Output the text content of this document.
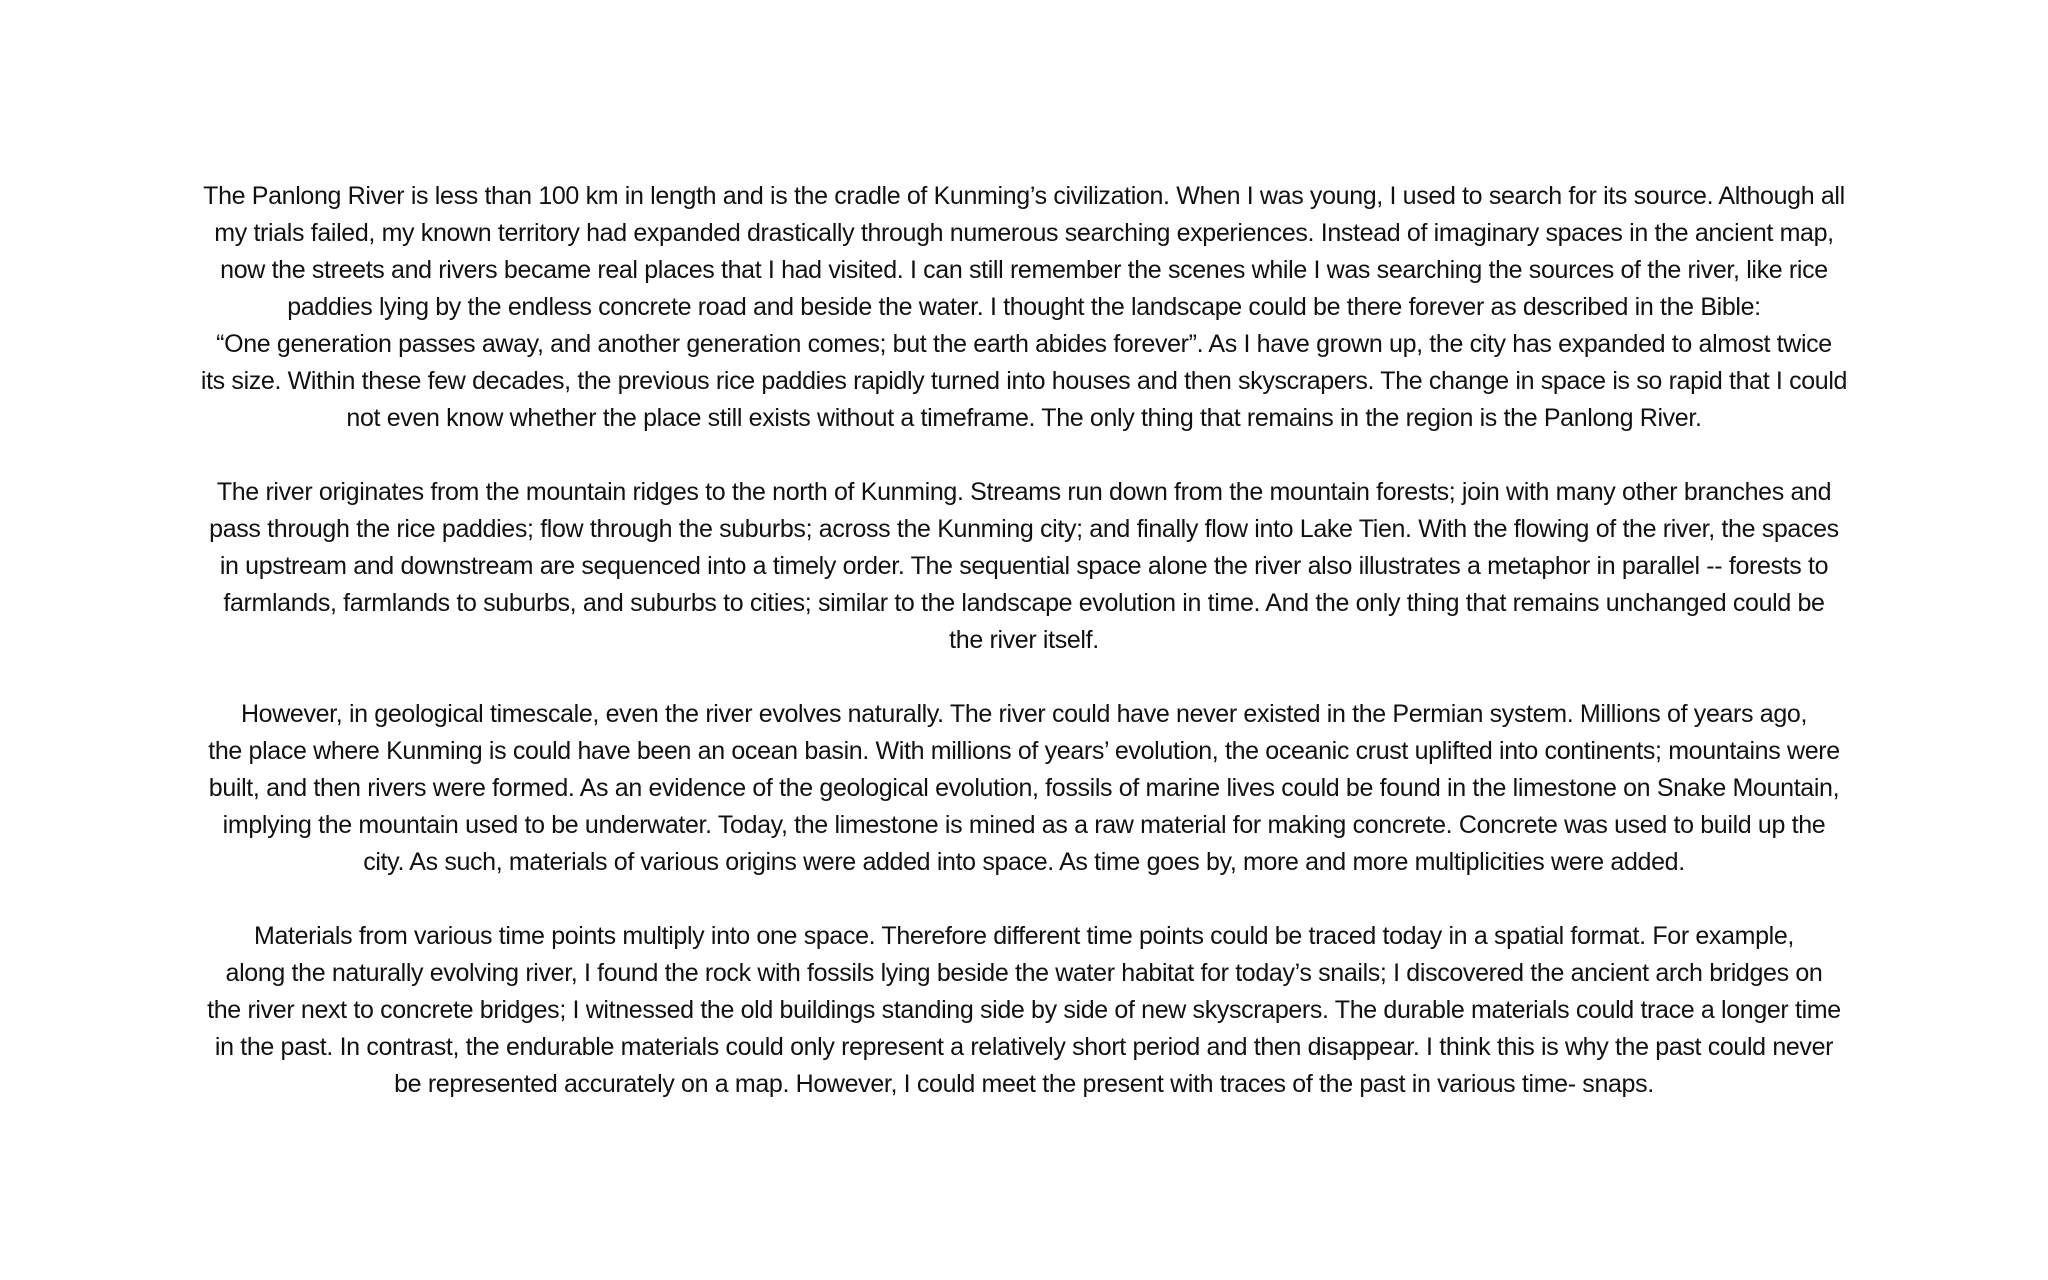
The Panlong River is less than 100 km in length and is the cradle of Kunming’s civilization. When I was young, I used to search for its source. Although all
my trials failed, my known territory had expanded drastically through numerous searching experiences. Instead of imaginary spaces in the ancient map,
now the streets and rivers became real places that I had visited. I can still remember the scenes while I was searching the sources of the river, like rice
paddies lying by the endless concrete road and beside the water. I thought the landscape could be there forever as described in the Bible:
“One generation passes away, and another generation comes; but the earth abides forever”. As I have grown up, the city has expanded to almost twice
its size. Within these few decades, the previous rice paddies rapidly turned into houses and then skyscrapers. The change in space is so rapid that I could
not even know whether the place still exists without a timeframe. The only thing that remains in the region is the Panlong River.

The river originates from the mountain ridges to the north of Kunming. Streams run down from the mountain forests; join with many other branches and
pass through the rice paddies; flow through the suburbs; across the Kunming city; and finally flow into Lake Tien. With the flowing of the river, the spaces
in upstream and downstream are sequenced into a timely order. The sequential space alone the river also illustrates a metaphor in parallel -- forests to
farmlands, farmlands to suburbs, and suburbs to cities; similar to the landscape evolution in time. And the only thing that remains unchanged could be
the river itself.

However, in geological timescale, even the river evolves naturally. The river could have never existed in the Permian system. Millions of years ago,
the place where Kunming is could have been an ocean basin. With millions of years’ evolution, the oceanic crust uplifted into continents; mountains were
built, and then rivers were formed. As an evidence of the geological evolution, fossils of marine lives could be found in the limestone on Snake Mountain,
implying the mountain used to be underwater. Today, the limestone is mined as a raw material for making concrete. Concrete was used to build up the
city. As such, materials of various origins were added into space. As time goes by, more and more multiplicities were added.

Materials from various time points multiply into one space. Therefore different time points could be traced today in a spatial format. For example,
along the naturally evolving river, I found the rock with fossils lying beside the water habitat for today’s snails; I discovered the ancient arch bridges on
the river next to concrete bridges; I witnessed the old buildings standing side by side of new skyscrapers. The durable materials could trace a longer time
in the past. In contrast, the endurable materials could only represent a relatively short period and then disappear. I think this is why the past could never
be represented accurately on a map. However, I could meet the present with traces of the past in various time- snaps.
